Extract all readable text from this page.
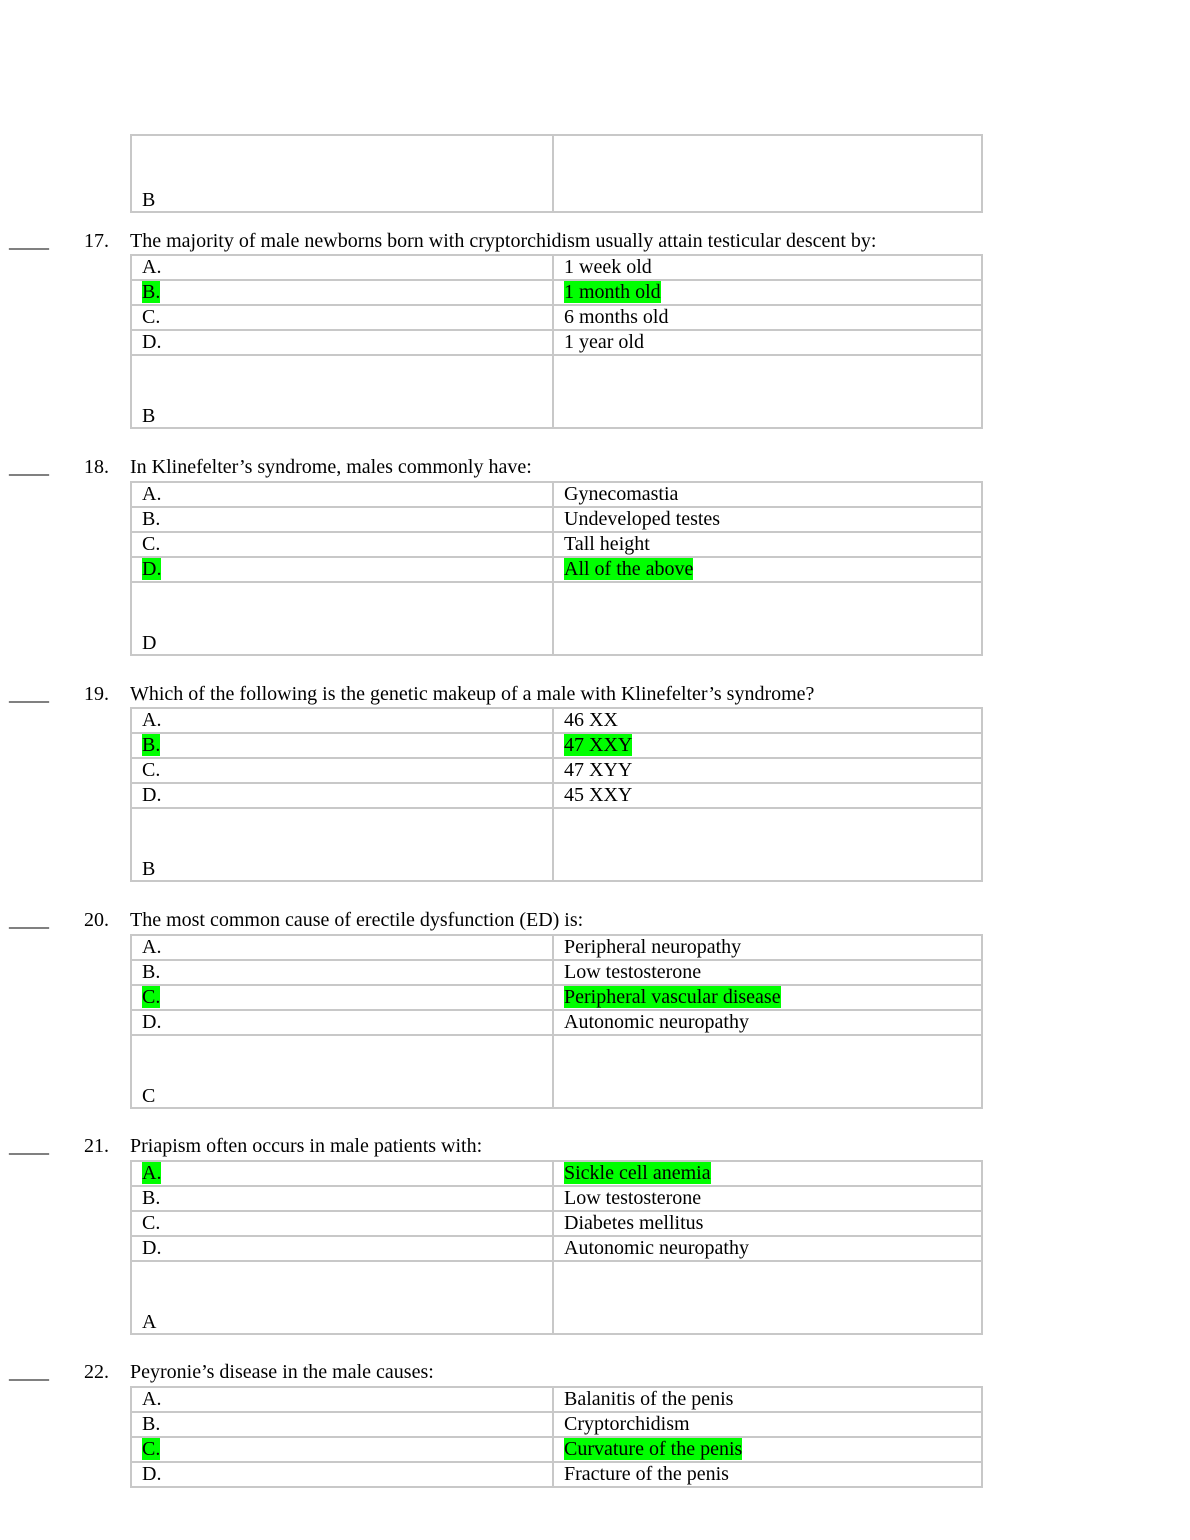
B	
____ 17. The majority of male newborns born with cryptorchidism usually attain testicular descent by:
A.	1 week old
B.	1 month old
C.	6 months old
D.	1 year old
B	
____ 18. In Klinefelter’s syndrome, males commonly have:
A.	Gynecomastia
B.	Undeveloped testes
C.	Tall height
D.	All of the above
D	
____ 19. Which of the following is the genetic makeup of a male with Klinefelter’s syndrome?
A.	46 XX
B.	47 XXY
C.	47 XYY
D.	45 XXY
B	
____ 20. The most common cause of erectile dysfunction (ED) is:
A.	Peripheral neuropathy
B.	Low testosterone
C.	Peripheral vascular disease
D.	Autonomic neuropathy
C	
____ 21. Priapism often occurs in male patients with:
A.	Sickle cell anemia
B.	Low testosterone
C.	Diabetes mellitus
D.	Autonomic neuropathy
A	
____ 22. Peyronie’s disease in the male causes:
A.	Balanitis of the penis
B.	Cryptorchidism
C.	Curvature of the penis
D.	Fracture of the penis
